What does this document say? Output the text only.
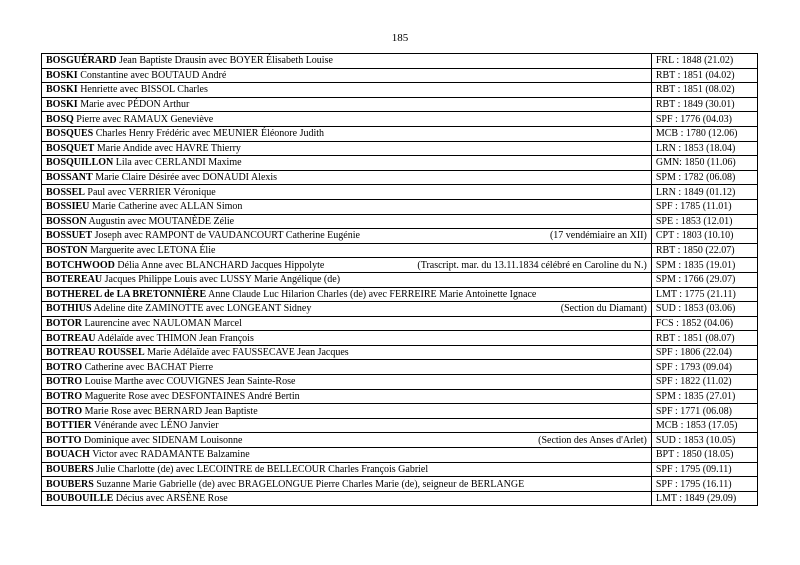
185
BOSGUÉRARD Jean Baptiste Drausin avec BOYER Élisabeth Louise	FRL : 1848 (21.02)
BOSKI Constantine avec BOUTAUD André	RBT : 1851 (04.02)
BOSKI Henriette avec BISSOL Charles	RBT : 1851 (08.02)
BOSKI Marie avec PÉDON Arthur	RBT : 1849 (30.01)
BOSQ Pierre avec RAMAUX Geneviève	SPF : 1776 (04.03)
BOSQUES Charles Henry Frédéric avec MEUNIER Éléonore Judith	MCB : 1780 (12.06)
BOSQUET Marie Andide avec HAVRE Thierry	LRN : 1853 (18.04)
BOSQUILLON Lila avec CERLANDI Maxime	GMN: 1850 (11.06)
BOSSANT Marie Claire Désirée avec DONAUDI Alexis	SPM : 1782 (06.08)
BOSSEL Paul avec VERRIER Véronique	LRN : 1849 (01.12)
BOSSIEU Marie Catherine avec ALLAN Simon	SPF : 1785 (11.01)
BOSSON Augustin avec MOUTANÈDE Zélie	SPE : 1853 (12.01)

(17 vendémiaire an XII)
BOSSUET Joseph avec RAMPONT de VAUDANCOURT Catherine Eugénie	CPT : 1803 (10.10)
BOSTON Marguerite avec LETONA Élie	RBT : 1850 (22.07)

(Trascript. mar. du 13.11.1834 célébré en Caroline du N.)
BOTCHWOOD Délia Anne avec BLANCHARD Jacques Hippolyte	SPM : 1835 (19.01)
BOTEREAU Jacques Philippe Louis avec LUSSY Marie Angélique (de)	SPM : 1766 (29.07)
BOTHEREL de LA BRETONNIÈRE Anne Claude Luc Hilarion Charles (de) avec FERREIRE Marie Antoinette Ignace	LMT : 1775 (21.11)

(Section du Diamant)
BOTHIUS Adeline dite ZAMINOTTE avec LONGEANT Sidney	SUD : 1853 (03.06)
BOTOR Laurencine avec NAULOMAN Marcel	FCS : 1852 (04.06)
BOTREAU Adélaïde avec THIMON Jean François	RBT : 1851 (08.07)
BOTREAU ROUSSEL Marie Adélaïde avec FAUSSECAVE Jean Jacques	SPF : 1806 (22.04)
BOTRO Catherine avec BACHAT Pierre	SPF : 1793 (09.04)
BOTRO Louise Marthe avec COUVIGNES Jean Sainte-Rose	SPF : 1822 (11.02)
BOTRO Maguerite Rose avec DESFONTAINES André Bertin	SPM : 1835 (27.01)
BOTRO Marie Rose avec BERNARD Jean Baptiste	SPF : 1771 (06.08)
BOTTIER Vénérande avec LÉNO Janvier	MCB : 1853 (17.05)

(Section des Anses d'Arlet)
BOTTO Dominique avec SIDENAM Louisonne	SUD : 1853 (10.05)
BOUACH Victor avec RADAMANTE Balzamine	BPT : 1850 (18.05)
BOUBERS Julie Charlotte (de) avec LECOINTRE de BELLECOUR Charles François Gabriel	SPF : 1795 (09.11)
BOUBERS Suzanne Marie Gabrielle (de) avec BRAGELONGUE Pierre Charles Marie (de), seigneur de BERLANGE	SPF : 1795 (16.11)
BOUBOUILLE Décius avec ARSÈNE Rose	LMT : 1849 (29.09)
